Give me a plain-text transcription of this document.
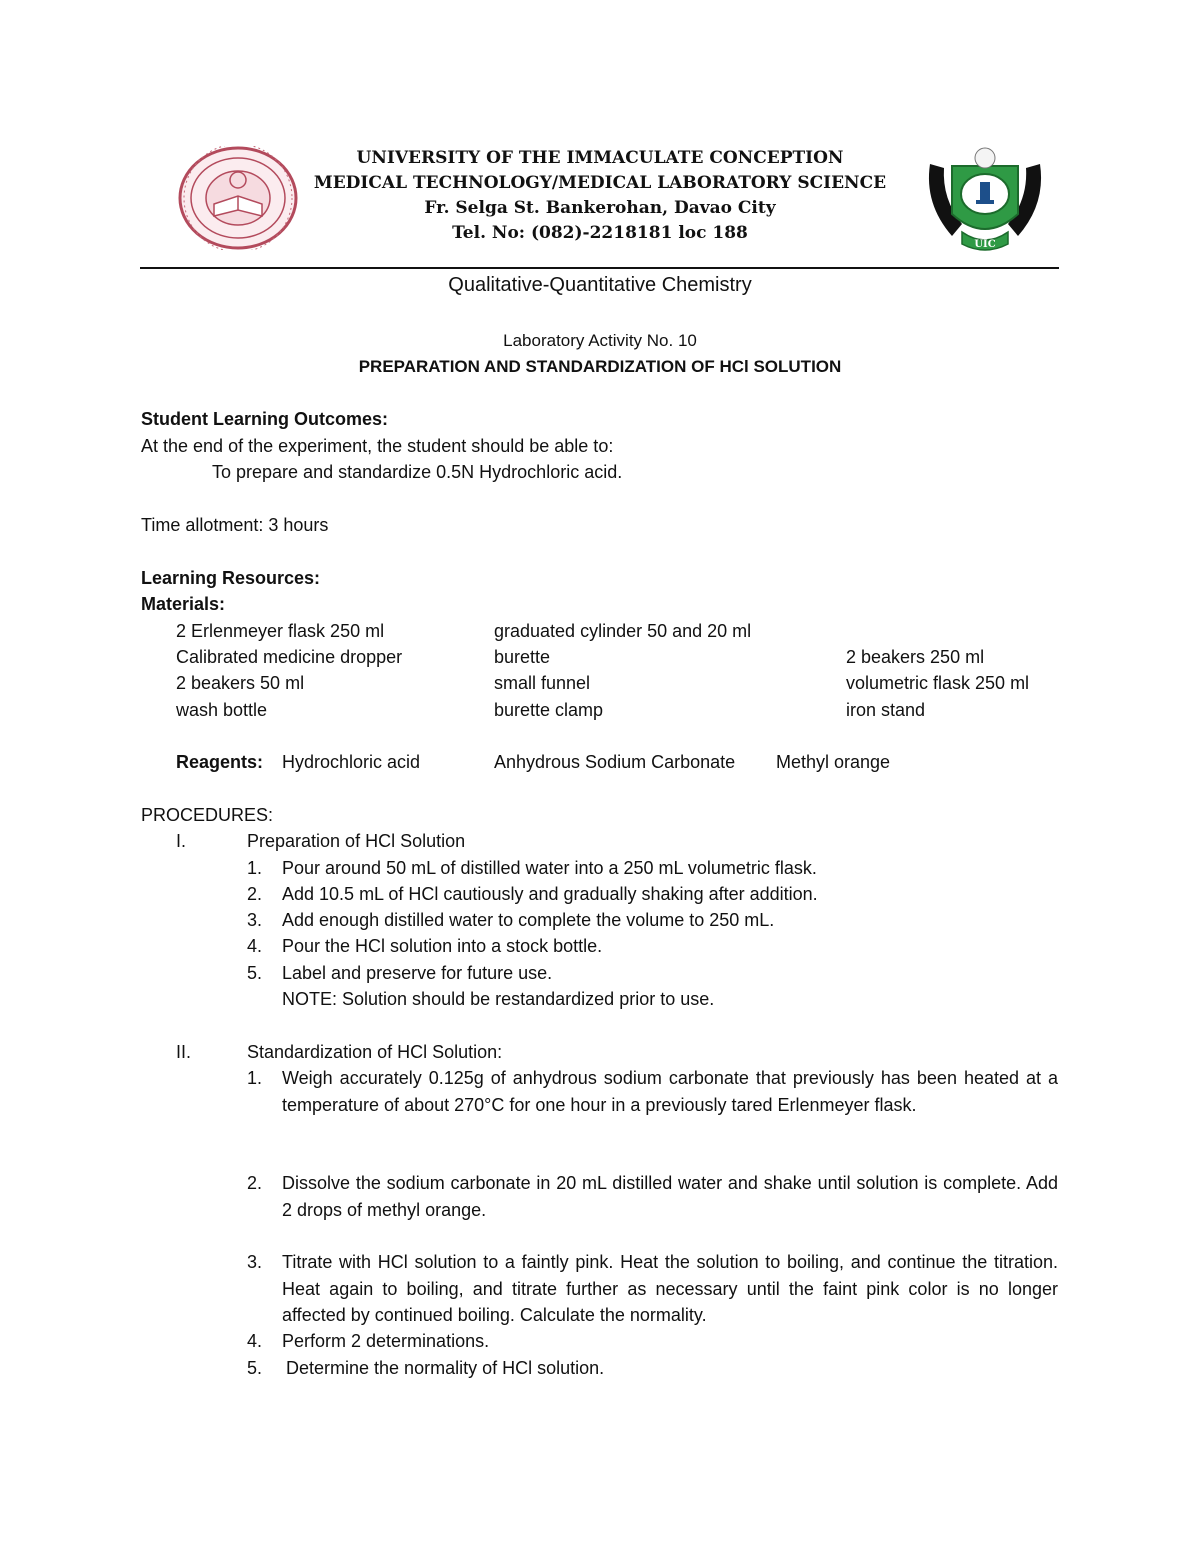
UNIVERSITY OF THE IMMACULATE CONCEPTION
MEDICAL TECHNOLOGY/MEDICAL LABORATORY SCIENCE
Fr. Selga St. Bankerohan, Davao City
Tel. No: (082)-2218181 loc 188
UIC
Qualitative-Quantitative Chemistry
Laboratory Activity No. 10
PREPARATION AND STANDARDIZATION OF HCl SOLUTION
Student Learning Outcomes:
At the end of the experiment, the student should be able to:
To prepare and standardize 0.5N Hydrochloric acid.
Time allotment: 3 hours
Learning Resources:
Materials:
2 Erlenmeyer flask 250 ml	graduated cylinder 50 and 20 ml
Calibrated medicine dropper	burette	2 beakers 250 ml
2 beakers 50 ml	small funnel	volumetric flask 250 ml
wash bottle	burette clamp	iron stand
Reagents: Hydrochloric acid	Anhydrous Sodium Carbonate Methyl orange
PROCEDURES:
I.	Preparation of HCl Solution
1. Pour around 50 mL of distilled water into a 250 mL volumetric flask.
2. Add 10.5 mL of HCl cautiously and gradually shaking after addition.
3. Add enough distilled water to complete the volume to 250 mL.
4. Pour the HCl solution into a stock bottle.
5. Label and preserve for future use.
NOTE: Solution should be restandardized prior to use.
II.	Standardization of HCl Solution:
1. Weigh accurately 0.125g of anhydrous sodium carbonate that previously has been heated at a temperature of about 270°C for one hour in a previously tared Erlenmeyer flask.
2. Dissolve the sodium carbonate in 20 mL distilled water and shake until solution is complete. Add 2 drops of methyl orange.
3. Titrate with HCl solution to a faintly pink. Heat the solution to boiling, and continue the titration. Heat again to boiling, and titrate further as necessary until the faint pink color is no longer affected by continued boiling. Calculate the normality.
4. Perform 2 determinations.
5. Determine the normality of HCl solution.
